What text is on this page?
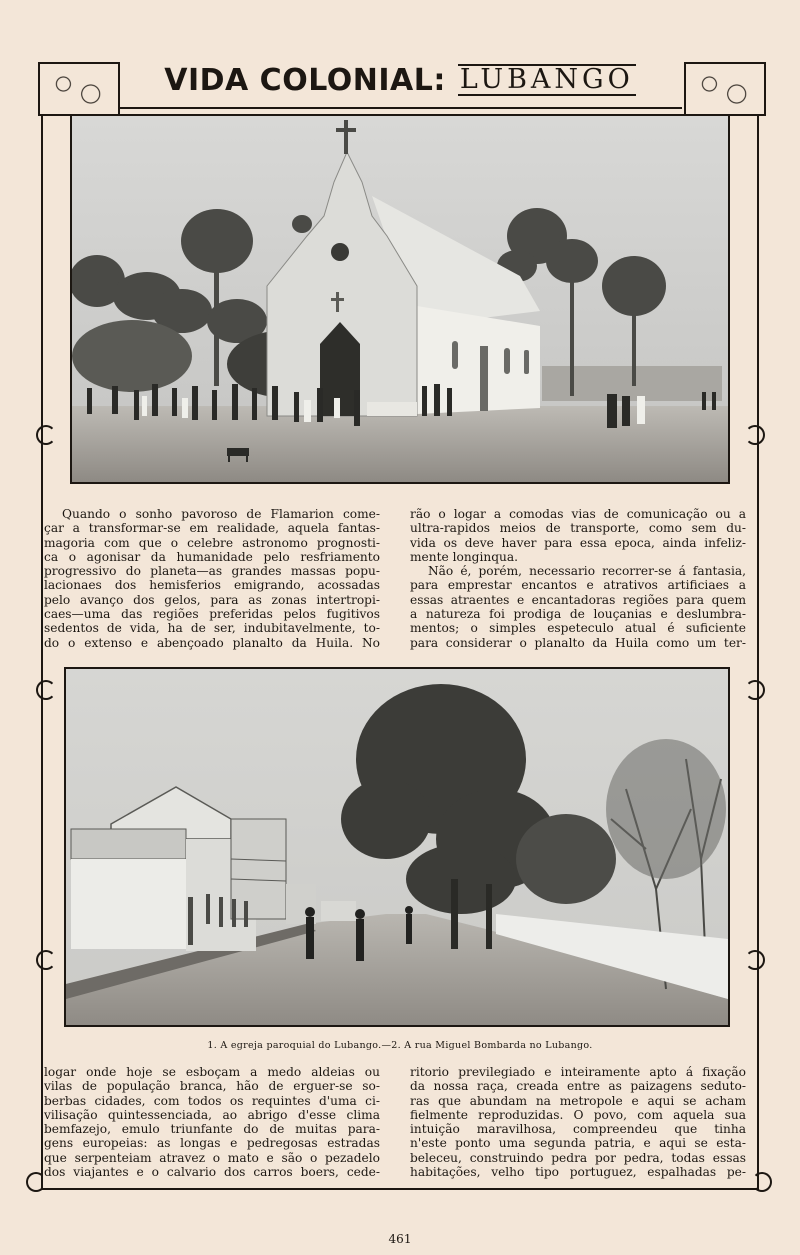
VIDA COLONIAL: LUBANGO

Quando o sonho pavoroso de Flamarion come-

çar a transformar-se em realidade, aquela fantas-

magoria com que o celebre astronomo prognosti-

ca o agonisar da humanidade pelo resfriamento

progressivo do planeta—as grandes massas popu-

lacionaes dos hemisferios emigrando, acossadas

pelo avanço dos gelos, para as zonas intertropi-

caes—uma das regiões preferidas pelos fugitivos

sedentos de vida, ha de ser, indubitavelmente, to-

do o extenso e abençoado planalto da Huila. No

rão o logar a comodas vias de comunicação ou a

ultra-rapidos meios de transporte, como sem du-

vida os deve haver para essa epoca, ainda infeliz-

mente longinqua.

Não é, porém, necessario recorrer-se á fantasia,

para emprestar encantos e atrativos artificiaes a

essas atraentes e encantadoras regiões para quem

a natureza foi prodiga de louçanias e deslumbra-

mentos; o simples espeteculo atual é suficiente

para considerar o planalto da Huila como um ter-

1. A egreja paroquial do Lubango.—2. A rua Miguel Bombarda no Lubango.

logar onde hoje se esboçam a medo aldeias ou

vilas de população branca, hão de erguer-se so-

berbas cidades, com todos os requintes d'uma ci-

vilisação quintessenciada, ao abrigo d'esse clima

bemfazejo, emulo triunfante do de muitas para-

gens europeias: as longas e pedregosas estradas

que serpenteiam atravez o mato e são o pezadelo

dos viajantes e o calvario dos carros boers, cede-

ritorio previlegiado e inteiramente apto á fixação

da nossa raça, creada entre as paizagens seduto-

ras que abundam na metropole e aqui se acham

fielmente reproduzidas. O povo, com aquela sua

intuição maravilhosa, compreendeu que tinha

n'este ponto uma segunda patria, e aqui se esta-

beleceu, construindo pedra por pedra, todas essas

habitações, velho tipo portuguez, espalhadas pe-

461
